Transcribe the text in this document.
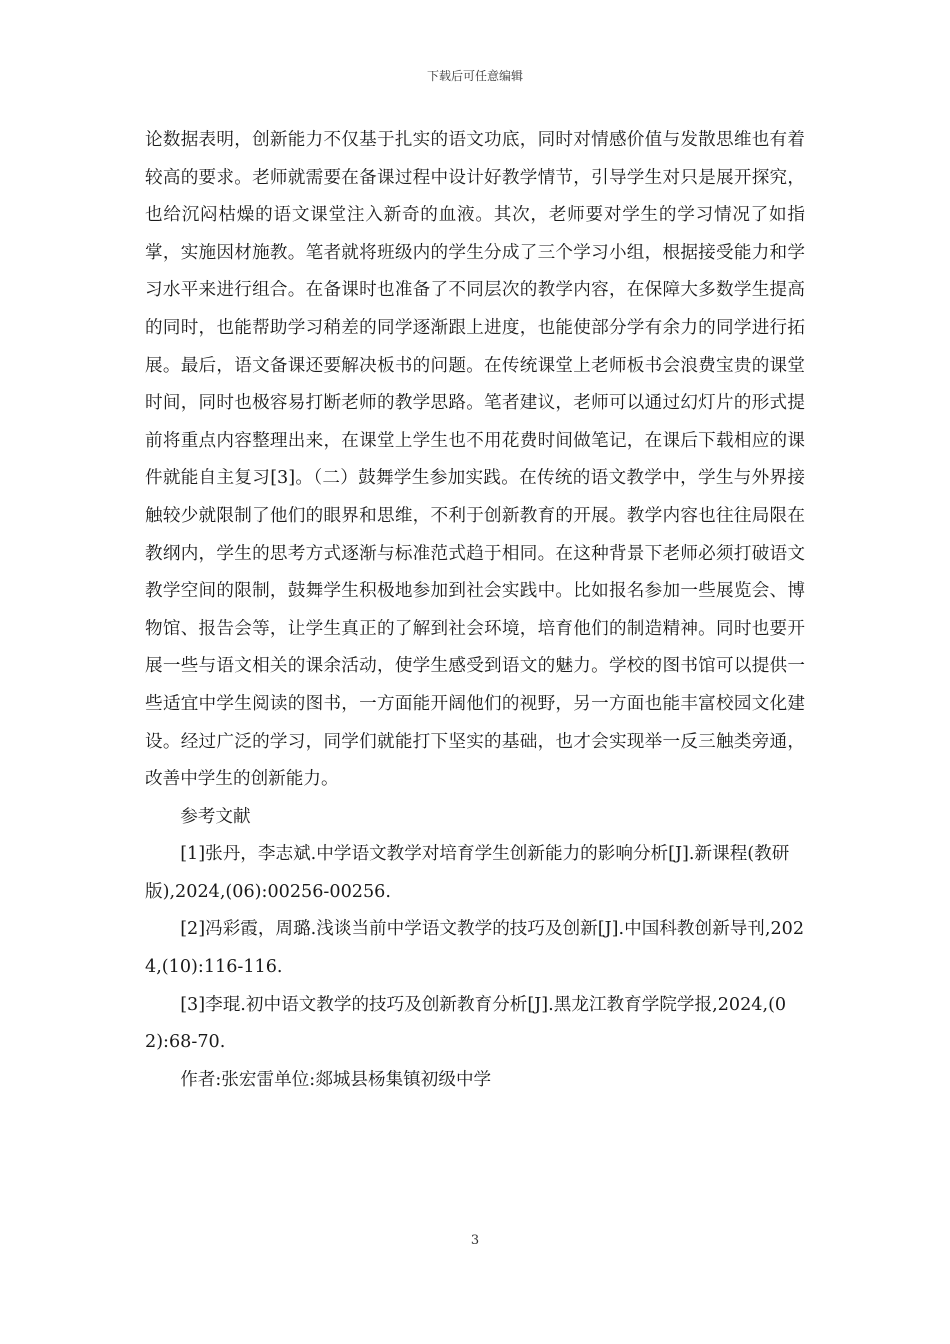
下载后可任意编辑

论数据表明，创新能力不仅基于扎实的语文功底，同时对情感价值与发散思维也有着较高的要求。老师就需要在备课过程中设计好教学情节，引导学生对只是展开探究，也给沉闷枯燥的语文课堂注入新奇的血液。其次，老师要对学生的学习情况了如指掌，实施因材施教。笔者就将班级内的学生分成了三个学习小组，根据接受能力和学习水平来进行组合。在备课时也准备了不同层次的教学内容，在保障大多数学生提高的同时，也能帮助学习稍差的同学逐渐跟上进度，也能使部分学有余力的同学进行拓展。最后，语文备课还要解决板书的问题。在传统课堂上老师板书会浪费宝贵的课堂时间，同时也极容易打断老师的教学思路。笔者建议，老师可以通过幻灯片的形式提前将重点内容整理出来，在课堂上学生也不用花费时间做笔记，在课后下载相应的课件就能自主复习[3]。（二）鼓舞学生参加实践。在传统的语文教学中，学生与外界接触较少就限制了他们的眼界和思维，不利于创新教育的开展。教学内容也往往局限在教纲内，学生的思考方式逐渐与标准范式趋于相同。在这种背景下老师必须打破语文教学空间的限制，鼓舞学生积极地参加到社会实践中。比如报名参加一些展览会、博物馆、报告会等，让学生真正的了解到社会环境，培育他们的制造精神。同时也要开展一些与语文相关的课余活动，使学生感受到语文的魅力。学校的图书馆可以提供一些适宜中学生阅读的图书，一方面能开阔他们的视野，另一方面也能丰富校园文化建设。经过广泛的学习，同学们就能打下坚实的基础，也才会实现举一反三触类旁通，改善中学生的创新能力。

参考文献

[1]张丹，李志斌.中学语文教学对培育学生创新能力的影响分析[J].新课程(教研版),2024,(06):00256-00256.

[2]冯彩霞，周璐.浅谈当前中学语文教学的技巧及创新[J].中国科教创新导刊,2024,(10):116-116.

[3]李琨.初中语文教学的技巧及创新教育分析[J].黑龙江教育学院学报,2024,(02):68-70.

作者:张宏雷单位:郯城县杨集镇初级中学

3
